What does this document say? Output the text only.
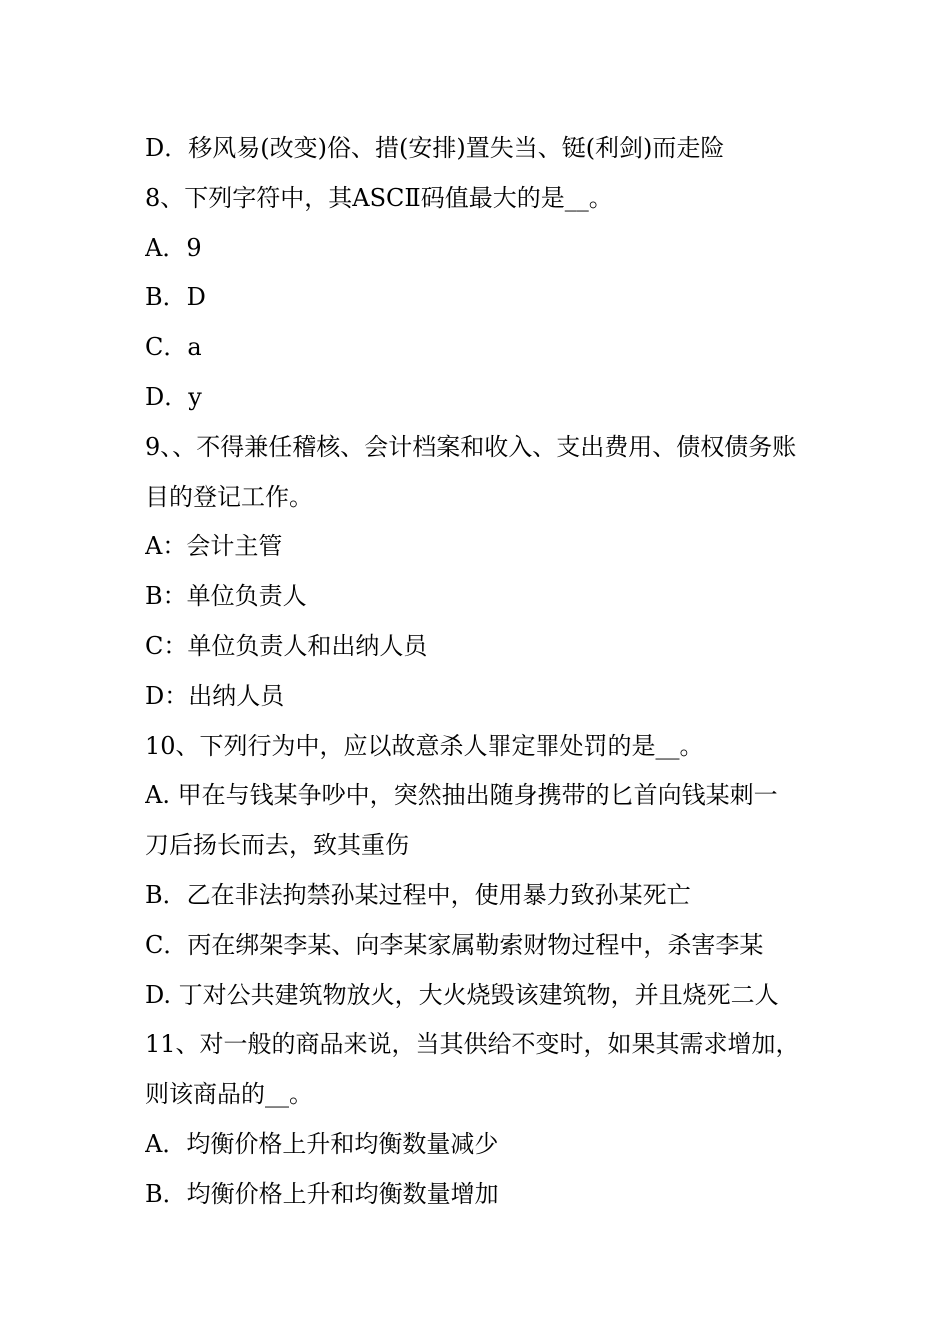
D．移风易(改变)俗、措(安排)置失当、铤(利剑)而走险
8、下列字符中，其ASCⅡ码值最大的是__。
A．9
B．D
C．a
D．y
9、、不得兼任稽核、会计档案和收入、支出费用、债权债务账
目的登记工作。
A：会计主管
B：单位负责人
C：单位负责人和出纳人员
D：出纳人员
10、下列行为中，应以故意杀人罪定罪处罚的是__。
A. 甲在与钱某争吵中，突然抽出随身携带的匕首向钱某刺一
刀后扬长而去，致其重伤
B．乙在非法拘禁孙某过程中，使用暴力致孙某死亡
C．丙在绑架李某、向李某家属勒索财物过程中，杀害李某
D. 丁对公共建筑物放火，大火烧毁该建筑物，并且烧死二人
11、对一般的商品来说，当其供给不变时，如果其需求增加，
则该商品的__。
A．均衡价格上升和均衡数量减少
B．均衡价格上升和均衡数量增加
